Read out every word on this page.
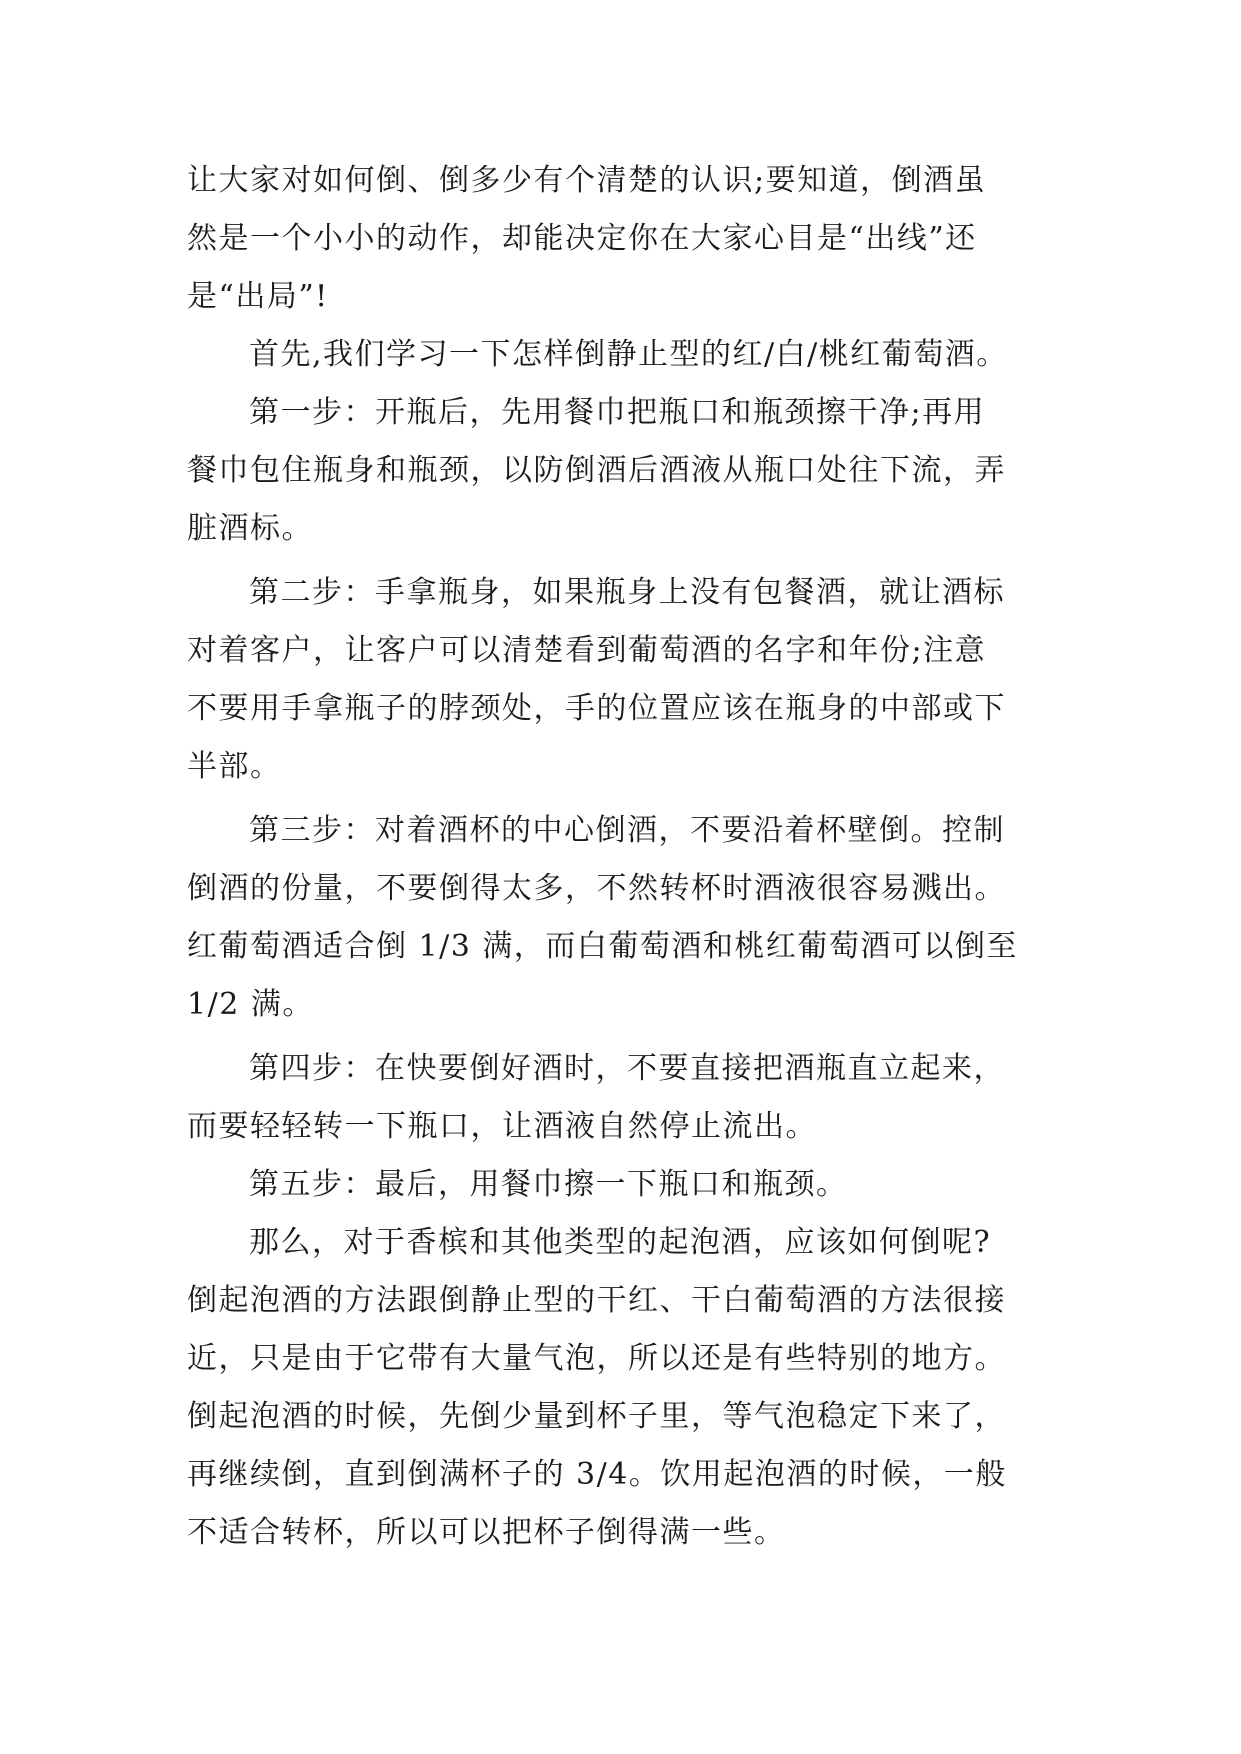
让大家对如何倒、倒多少有个清楚的认识;要知道，倒酒虽
然是一个小小的动作，却能决定你在大家心目是“出线”还
是“出局”!
首先,我们学习一下怎样倒静止型的红/白/桃红葡萄酒。
第一步：开瓶后，先用餐巾把瓶口和瓶颈擦干净;再用
餐巾包住瓶身和瓶颈，以防倒酒后酒液从瓶口处往下流，弄
脏酒标。
第二步：手拿瓶身，如果瓶身上没有包餐酒，就让酒标
对着客户，让客户可以清楚看到葡萄酒的名字和年份;注意
不要用手拿瓶子的脖颈处，手的位置应该在瓶身的中部或下
半部。
第三步：对着酒杯的中心倒酒，不要沿着杯壁倒。控制
倒酒的份量，不要倒得太多，不然转杯时酒液很容易溅出。
红葡萄酒适合倒 1/3 满，而白葡萄酒和桃红葡萄酒可以倒至
1/2 满。
第四步：在快要倒好酒时，不要直接把酒瓶直立起来，
而要轻轻转一下瓶口，让酒液自然停止流出。
第五步：最后，用餐巾擦一下瓶口和瓶颈。
那么，对于香槟和其他类型的起泡酒，应该如何倒呢?
倒起泡酒的方法跟倒静止型的干红、干白葡萄酒的方法很接
近，只是由于它带有大量气泡，所以还是有些特别的地方。
倒起泡酒的时候，先倒少量到杯子里，等气泡稳定下来了，
再继续倒，直到倒满杯子的 3/4。饮用起泡酒的时候，一般
不适合转杯，所以可以把杯子倒得满一些。
